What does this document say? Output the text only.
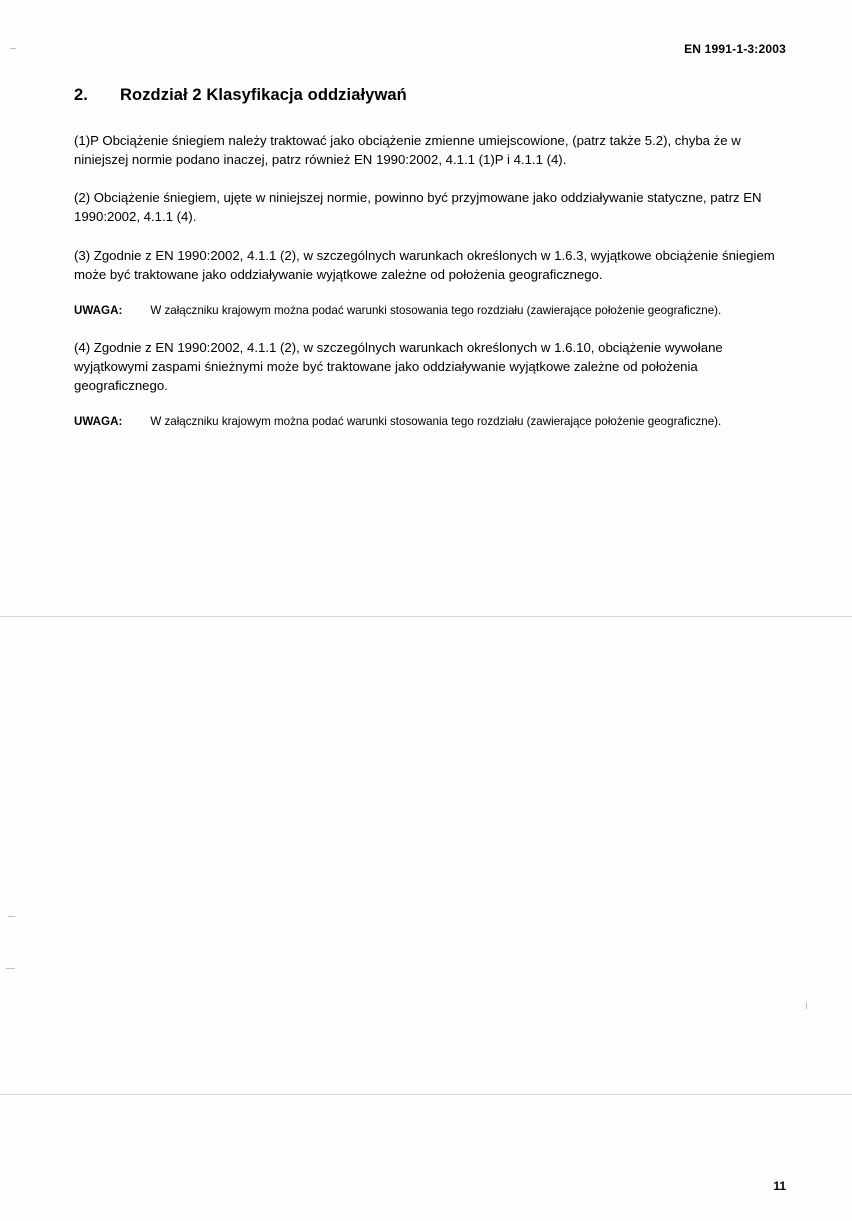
EN 1991-1-3:2003
2. Rozdział 2 Klasyfikacja oddziaływań

(1)P Obciążenie śniegiem należy traktować jako obciążenie zmienne umiejscowione, (patrz także 5.2), chyba że w niniejszej normie podano inaczej, patrz również EN 1990:2002, 4.1.1 (1)P i 4.1.1 (4).

(2) Obciążenie śniegiem, ujęte w niniejszej normie, powinno być przyjmowane jako oddziaływanie statyczne, patrz EN 1990:2002, 4.1.1 (4).

(3) Zgodnie z EN 1990:2002, 4.1.1 (2), w szczególnych warunkach określonych w 1.6.3, wyjątkowe obciążenie śniegiem może być traktowane jako oddziaływanie wyjątkowe zależne od położenia geograficznego.

UWAGA: W załączniku krajowym można podać warunki stosowania tego rozdziału (zawierające położenie geograficzne).

(4) Zgodnie z EN 1990:2002, 4.1.1 (2), w szczególnych warunkach określonych w 1.6.10, obciążenie wywołane wyjątkowymi zaspami śnieżnymi może być traktowane jako oddziaływanie wyjątkowe zależne od położenia geograficznego.

UWAGA: W załączniku krajowym można podać warunki stosowania tego rozdziału (zawierające położenie geograficzne).

11
